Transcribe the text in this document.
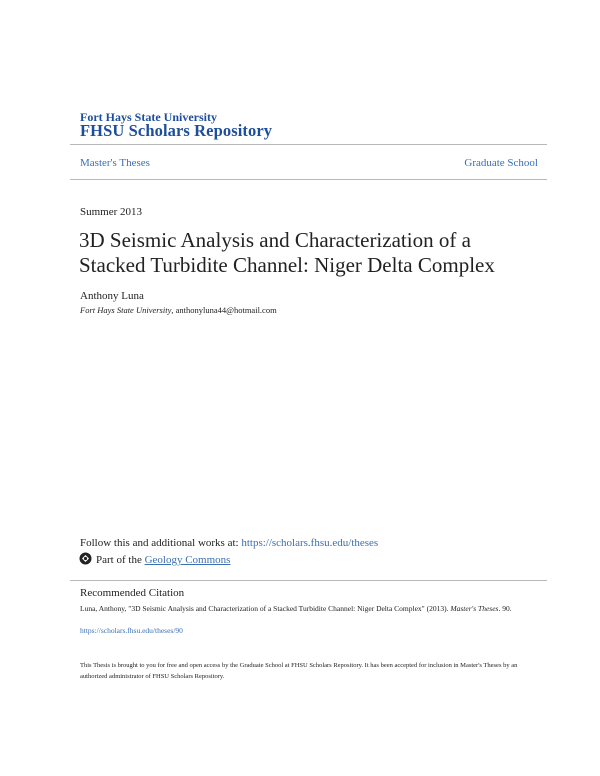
Fort Hays State University
FHSU Scholars Repository
Master's Theses	Graduate School
Summer 2013
3D Seismic Analysis and Characterization of a Stacked Turbidite Channel: Niger Delta Complex
Anthony Luna
Fort Hays State University, anthonyluna44@hotmail.com
Follow this and additional works at: https://scholars.fhsu.edu/theses
Part of the Geology Commons
Recommended Citation
Luna, Anthony, "3D Seismic Analysis and Characterization of a Stacked Turbidite Channel: Niger Delta Complex" (2013). Master's Theses. 90.
https://scholars.fhsu.edu/theses/90
This Thesis is brought to you for free and open access by the Graduate School at FHSU Scholars Repository. It has been accepted for inclusion in Master's Theses by an authorized administrator of FHSU Scholars Repository.
